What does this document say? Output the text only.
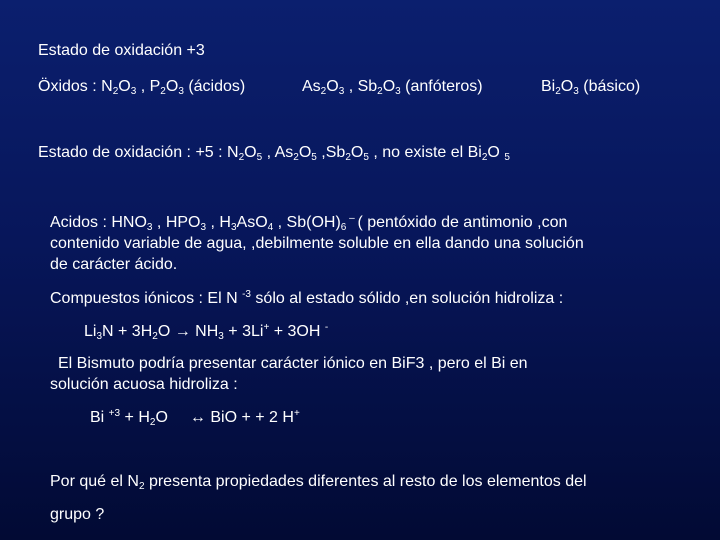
Estado de oxidación +3
Öxidos : $N_2O_3$ , $P_2O_3$ (ácidos)	$As_2O_3$ , $Sb_2O_3$ (anfóteros)	$Bi_2O_3$ (básico)
Estado de oxidación : +5 : $N_2O_5$ , $As_2O_5$ $,Sb_2O_5$ , no existe el $Bi_2O$ $_5$
Acidos : $HNO_3$ , $HPO_3$ , $H_3AsO_4$ , $Sb(OH)_6$ – ( pentóxido de antimonio ,con
contenido variable de agua, ,debilmente soluble en ella dando una solución
de carácter ácido.
Compuestos iónicos : El N $^{-3}$ sólo al estado sólido ,en solución hidroliza :
$Li_3N + 3H_2O \to NH_3 + 3Li^+ + 3OH$ -
El Bismuto podría presentar carácter iónico en BiF3 , pero el Bi en
solución acuosa hidroliza :
Bi $^{+3} + H_2O$ ↔ BiO + + 2 H+
Por qué el $N_2$ presenta propiedades diferentes al resto de los elementos del
grupo ?
